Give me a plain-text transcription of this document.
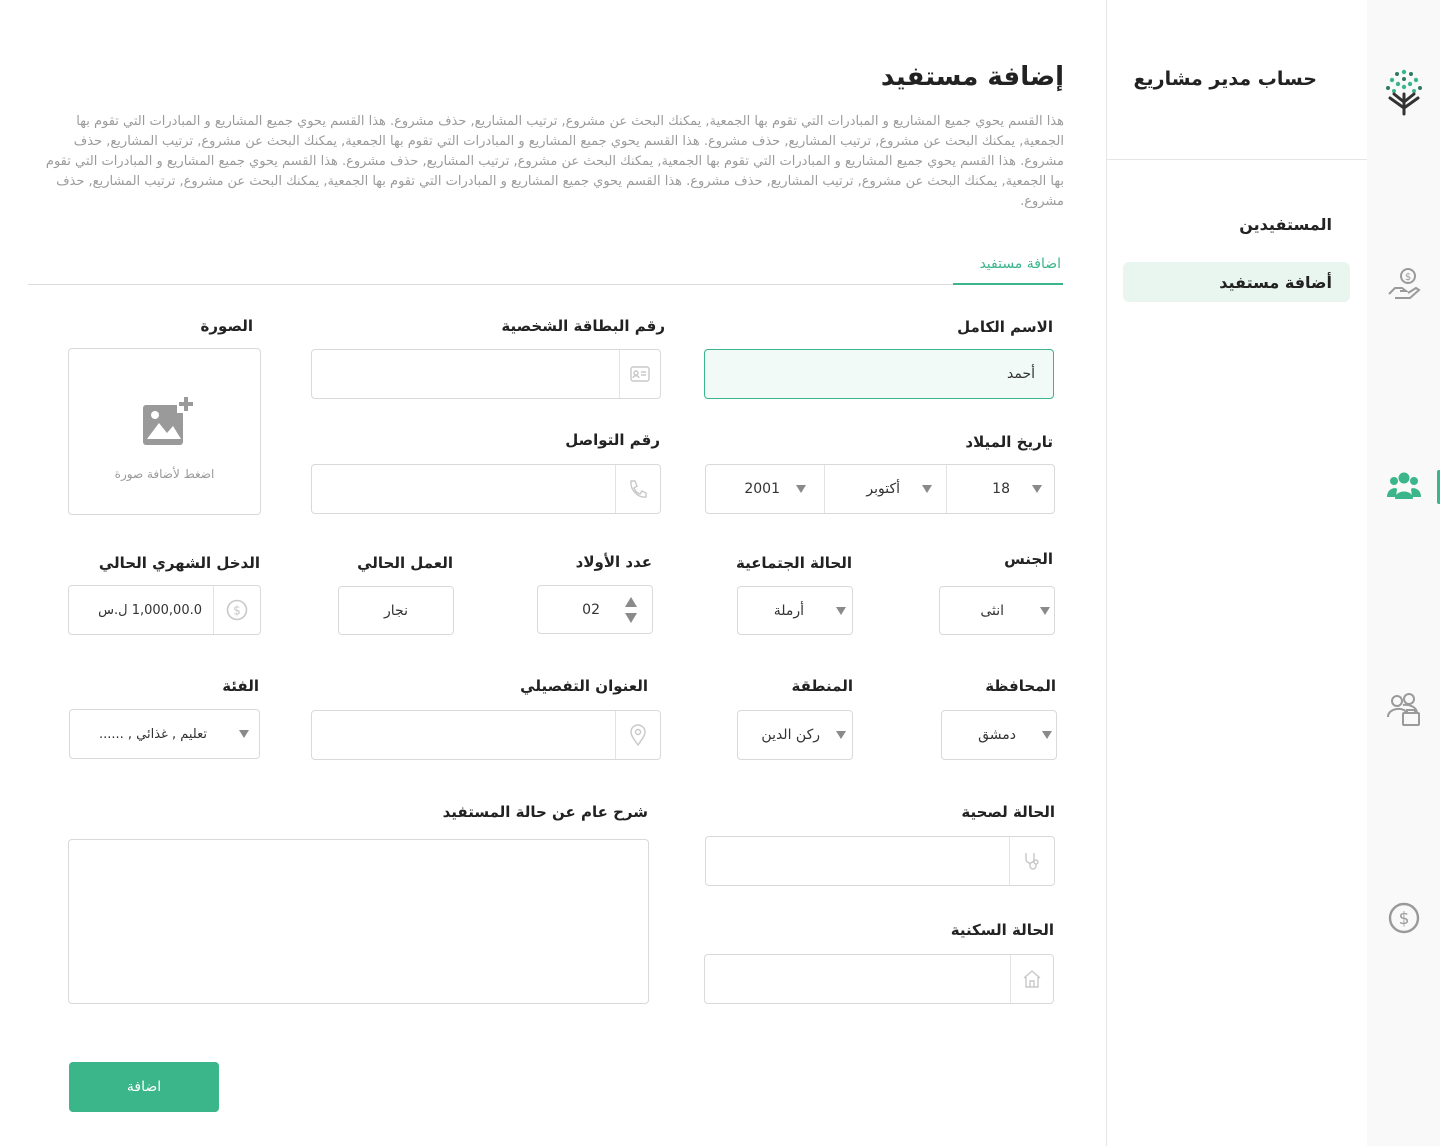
$
$
حساب مدير مشاريع
المستفيدين
أضافة مستفيد
إضافة مستفيد
هذا القسم يحوي جميع المشاريع و المبادرات التي تقوم بها الجمعية, يمكنك البحث عن مشروع, ترتيب المشاريع, حذف مشروع. هذا القسم يحوي جميع المشاريع و المبادرات التي تقوم بها الجمعية, يمكنك البحث عن مشروع, ترتيب المشاريع, حذف مشروع. هذا القسم يحوي جميع المشاريع و المبادرات التي تقوم بها الجمعية, يمكنك البحث عن مشروع, ترتيب المشاريع, حذف مشروع. هذا القسم يحوي جميع المشاريع و المبادرات التي تقوم بها الجمعية, يمكنك البحث عن مشروع, ترتيب المشاريع, حذف مشروع. هذا القسم يحوي جميع المشاريع و المبادرات التي تقوم بها الجمعية, يمكنك البحث عن مشروع, ترتيب المشاريع, حذف مشروع. هذا القسم يحوي جميع المشاريع و المبادرات التي تقوم بها الجمعية, يمكنك البحث عن مشروع, ترتيب المشاريع, حذف مشروع.
اضافة مستفيد
الاسم الكامل
أحمد
رقم البطاقة الشخصية
الصورة
اضغط لأضافة صورة
تاريخ الميلاد
18
أكتوبر
2001
رقم التواصل
الجنس
انثى
الحالة الجتماعية
أرملة
عدد الأولاد
02
العمل الحالي
نجار
الدخل الشهري الحالي
$
1,000,00.0 ل.س
المحافظة
دمشق
المنطقة
ركن الدين
العنوان التفصيلي
الفئة
تعليم , غذائي , ......
الحالة لصحية
شرح عام عن حالة المستفيد
الحالة السكنية
اضافة
